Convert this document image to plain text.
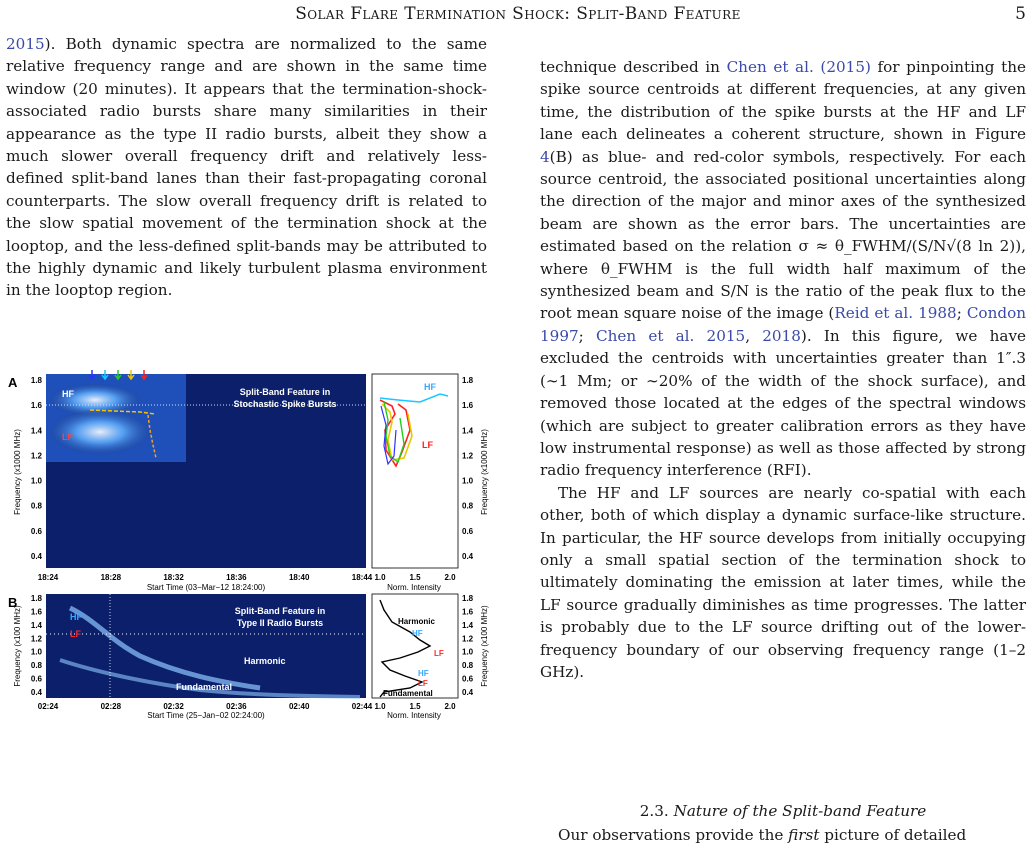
Solar Flare Termination Shock: Split-Band Feature	5

2015). Both dynamic spectra are normalized to the same relative frequency range and are shown in the same time window (20 minutes). It appears that the termination-shock-associated radio bursts share many similarities in their appearance as the type II radio bursts, albeit they show a much slower overall frequency drift and relatively less-defined split-band lanes than their fast-propagating coronal counterparts. The slow overall frequency drift is related to the slow spatial movement of the termination shock at the looptop, and the less-defined split-bands may be attributed to the highly dynamic and likely turbulent plasma environment in the looptop region.

technique described in Chen et al. (2015) for pinpointing the spike source centroids at different frequencies, at any given time, the distribution of the spike bursts at the HF and LF lane each delineates a coherent structure, shown in Figure 4(B) as blue- and red-color symbols, respectively. For each source centroid, the associated positional uncertainties along the direction of the major and minor axes of the synthesized beam are shown as the error bars. The uncertainties are estimated based on the relation σ ≈ θ_FWHM/(S/N√(8 ln 2)), where θ_FWHM is the full width half maximum of the synthesized beam and S/N is the ratio of the peak flux to the root mean square noise of the image (Reid et al. 1988; Condon 1997; Chen et al. 2015, 2018). In this figure, we have excluded the centroids with uncertainties greater than 1″.3 (∼1 Mm; or ∼20% of the width of the shock surface), and removed those located at the edges of the spectral windows (which are subject to greater calibration errors as they have low instrumental response) as well as those affected by strong radio frequency interference (RFI).

The HF and LF sources are nearly co-spatial with each other, both of which display a dynamic surface-like structure. In particular, the HF source develops from initially occupying only a small spatial section of the termination shock to ultimately dominating the emission at later times, while the LF source gradually diminishes as time progresses. The latter is probably due to the LF source drifting out of the lower-frequency boundary of our observing frequency range (1–2 GHz).

2.3. Nature of the Split-band Feature
Our observations provide the first picture of detailed
A
HF
LF
Split-Band Feature in
Stochastic Spike Bursts
1.8
1.6
1.4
1.2
1.0
0.8
0.6
0.4
18:24	18:28	18:32	18:36	18:40	18:44
Frequency (x1000 MHz)
Start Time (03−Mar−12 18:24:00)
HF
LF
1.8
1.6
1.4
1.2
1.0
0.8
0.6
0.4
1.0	1.5	2.0
Frequency (x1000 MHz)
Norm. Intensity
B
Split-Band Feature in
Type II Radio Bursts
HF
LF
Harmonic
Fundamental
1.8
1.6
1.4
1.2
1.0
0.8
0.6
0.4
Frequency (x100 MHz)	Harmonic
HF
LF
HF
LF
Fundamental
1.8
1.6
1.4
1.2
1.0
0.8
0.6
0.4
Frequency (x100 MHz)
02:24	02:28	02:32	02:36	02:40	02:44
Start Time (25−Jan−02 02:24:00)
1.0	1.5	2.0
Norm. Intensity
